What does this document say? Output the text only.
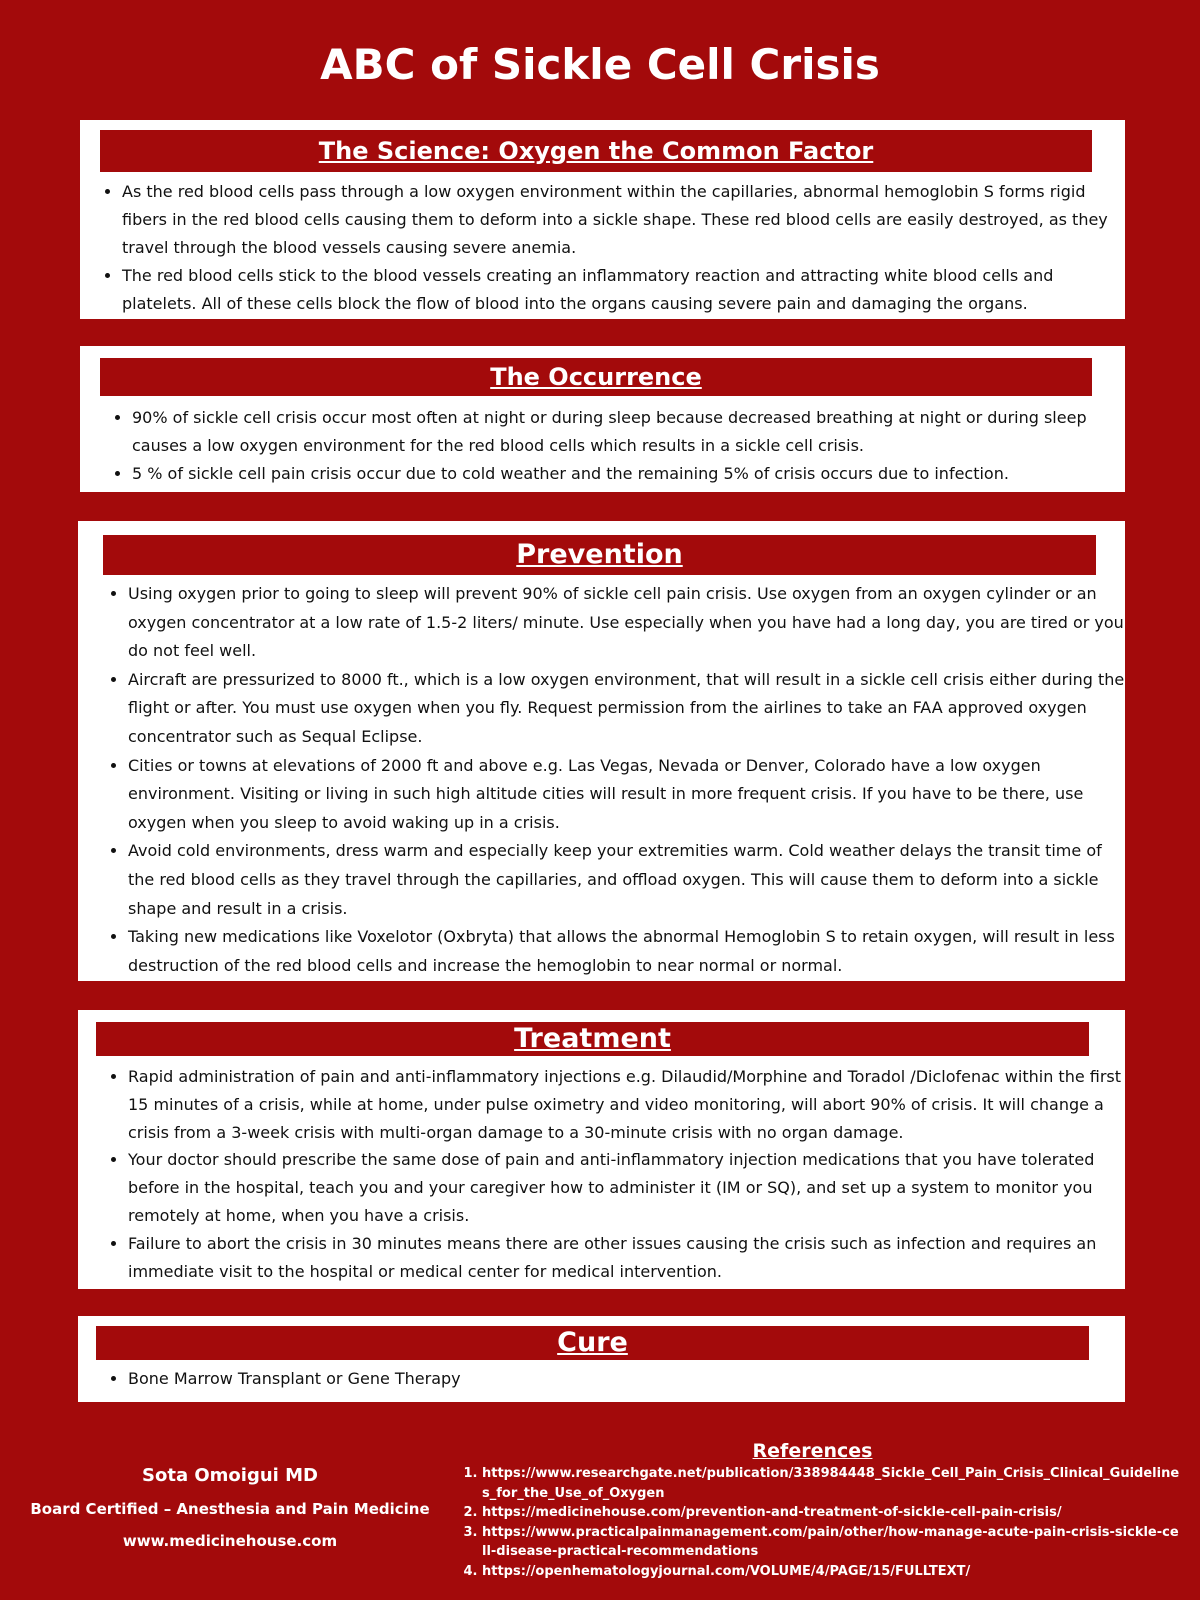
ABC of Sickle Cell Crisis
The Science: Oxygen the Common Factor
• As the red blood cells pass through a low oxygen environment within the capillaries, abnormal hemoglobin S forms rigid fibers in the red blood cells causing them to deform into a sickle shape. These red blood cells are easily destroyed, as they travel through the blood vessels causing severe anemia.
• The red blood cells stick to the blood vessels creating an inflammatory reaction and attracting white blood cells and platelets. All of these cells block the flow of blood into the organs causing severe pain and damaging the organs.
The Occurrence
• 90% of sickle cell crisis occur most often at night or during sleep because decreased breathing at night or during sleep causes a low oxygen environment for the red blood cells which results in a sickle cell crisis.
• 5 % of sickle cell pain crisis occur due to cold weather and the remaining 5% of crisis occurs due to infection.
Prevention
• Using oxygen prior to going to sleep will prevent 90% of sickle cell pain crisis. Use oxygen from an oxygen cylinder or an oxygen concentrator at a low rate of 1.5-2 liters/ minute. Use especially when you have had a long day, you are tired or you do not feel well.
• Aircraft are pressurized to 8000 ft., which is a low oxygen environment, that will result in a sickle cell crisis either during the flight or after. You must use oxygen when you fly. Request permission from the airlines to take an FAA approved oxygen concentrator such as Sequal Eclipse.
• Cities or towns at elevations of 2000 ft and above e.g. Las Vegas, Nevada or Denver, Colorado have a low oxygen environment. Visiting or living in such high altitude cities will result in more frequent crisis. If you have to be there, use oxygen when you sleep to avoid waking up in a crisis.
• Avoid cold environments, dress warm and especially keep your extremities warm. Cold weather delays the transit time of the red blood cells as they travel through the capillaries, and offload oxygen. This will cause them to deform into a sickle shape and result in a crisis.
• Taking new medications like Voxelotor (Oxbryta) that allows the abnormal Hemoglobin S to retain oxygen, will result in less destruction of the red blood cells and increase the hemoglobin to near normal or normal.
Treatment
• Rapid administration of pain and anti-inflammatory injections e.g. Dilaudid/Morphine and Toradol /Diclofenac within the first 15 minutes of a crisis, while at home, under pulse oximetry and video monitoring, will abort 90% of crisis. It will change a crisis from a 3-week crisis with multi-organ damage to a 30-minute crisis with no organ damage.
• Your doctor should prescribe the same dose of pain and anti-inflammatory injection medications that you have tolerated before in the hospital, teach you and your caregiver how to administer it (IM or SQ), and set up a system to monitor you remotely at home, when you have a crisis.
• Failure to abort the crisis in 30 minutes means there are other issues causing the crisis such as infection and requires an immediate visit to the hospital or medical center for medical intervention.
Cure
• Bone Marrow Transplant or Gene Therapy

Sota Omoigui MD

Board Certified – Anesthesia and Pain Medicine

www.medicinehouse.com

References
1. https://www.researchgate.net/publication/338984448_Sickle_Cell_Pain_Crisis_Clinical_Guidelines_for_the_Use_of_Oxygen
2. https://medicinehouse.com/prevention-and-treatment-of-sickle-cell-pain-crisis/
3. https://www.practicalpainmanagement.com/pain/other/how-manage-acute-pain-crisis-sickle-cell-disease-practical-recommendations
4. https://openhematologyjournal.com/VOLUME/4/PAGE/15/FULLTEXT/
